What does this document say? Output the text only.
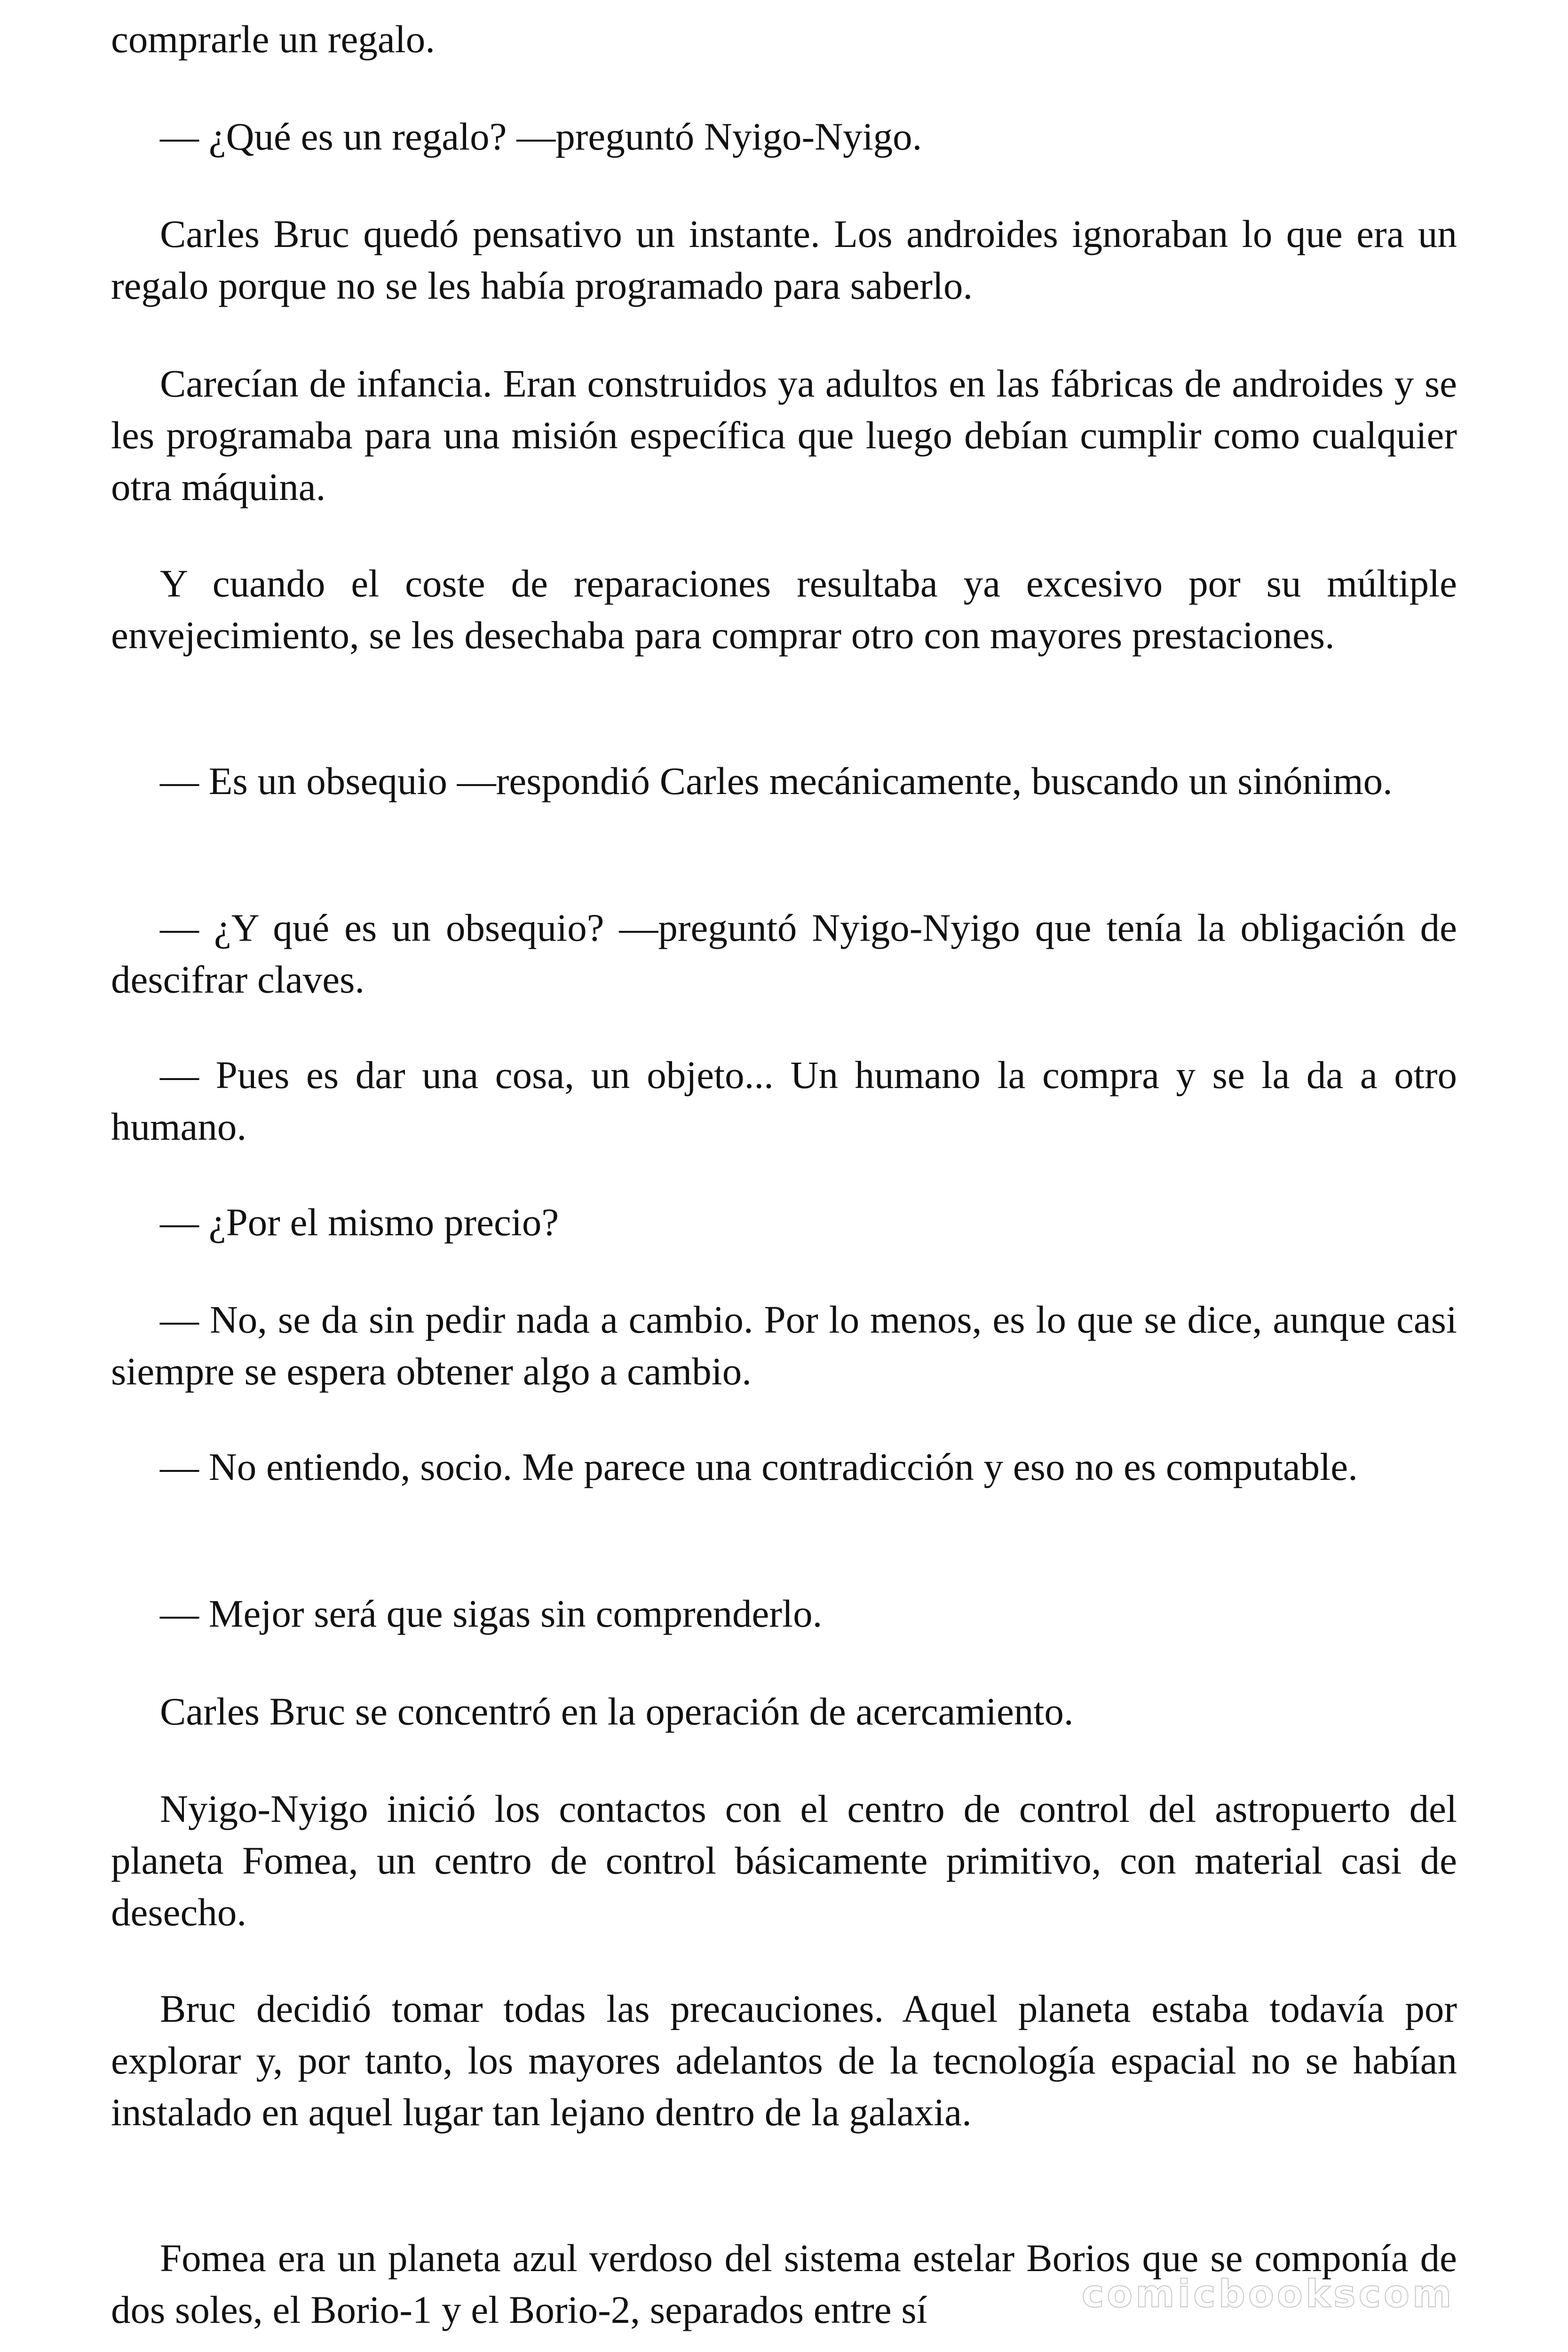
comprarle un regalo.

— ¿Qué es un regalo? —preguntó Nyigo-Nyigo.

Carles Bruc quedó pensativo un instante. Los androides ignoraban lo que era un regalo porque no se les había programado para saberlo.

Carecían de infancia. Eran construidos ya adultos en las fábricas de androides y se les programaba para una misión específica que luego debían cumplir como cualquier otra máquina.

Y cuando el coste de reparaciones resultaba ya excesivo por su múltiple envejecimiento, se les desechaba para comprar otro con mayores prestaciones.

— Es un obsequio —respondió Carles mecánicamente, buscando un sinónimo.

— ¿Y qué es un obsequio? —preguntó Nyigo-Nyigo que tenía la obligación de descifrar claves.

— Pues es dar una cosa, un objeto... Un humano la compra y se la da a otro humano.

— ¿Por el mismo precio?

— No, se da sin pedir nada a cambio. Por lo menos, es lo que se dice, aunque casi siempre se espera obtener algo a cambio.

— No entiendo, socio. Me parece una contradicción y eso no es computable.

— Mejor será que sigas sin comprenderlo.

Carles Bruc se concentró en la operación de acercamiento.

Nyigo-Nyigo inició los contactos con el centro de control del astropuerto del planeta Fomea, un centro de control básicamente primitivo, con material casi de desecho.

Bruc decidió tomar todas las precauciones. Aquel planeta estaba todavía por explorar y, por tanto, los mayores adelantos de la tecnología espacial no se habían instalado en aquel lugar tan lejano dentro de la galaxia.

Fomea era un planeta azul verdoso del sistema estelar Borios que se componía de dos soles, el Borio-1 y el Borio-2, separados entre sí	comicbookscom
